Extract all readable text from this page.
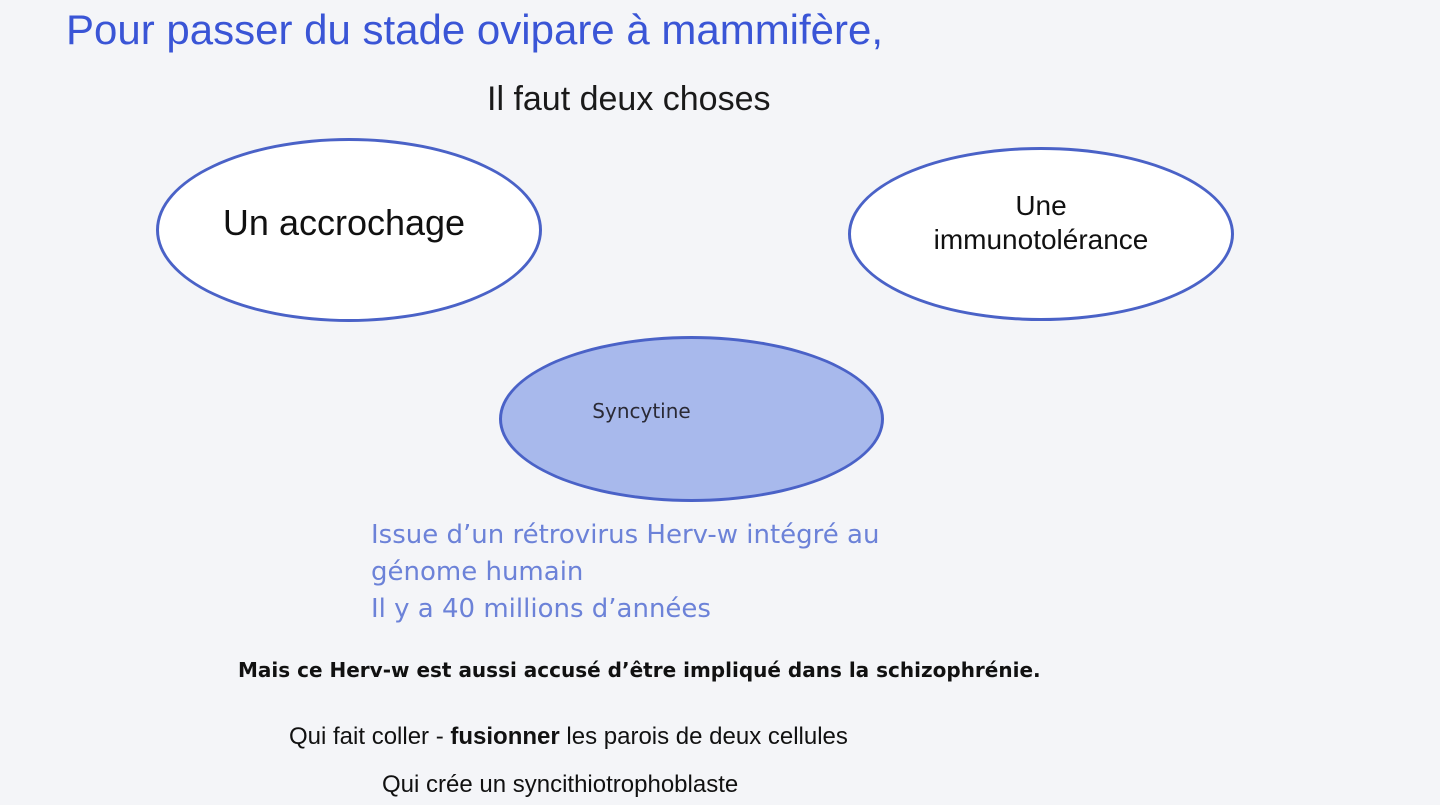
Pour passer du stade ovipare à mammifère,
Il faut deux choses
Un accrochage	Une
immunotolérance
Syncytine
Issue d’un rétrovirus Herv-w intégré au
génome humain
Il y a 40 millions d’années
Mais ce Herv-w est aussi accusé d’être impliqué dans la schizophrénie.
Qui fait coller - fusionner les parois de deux cellules
Qui crée un syncithiotrophoblaste
